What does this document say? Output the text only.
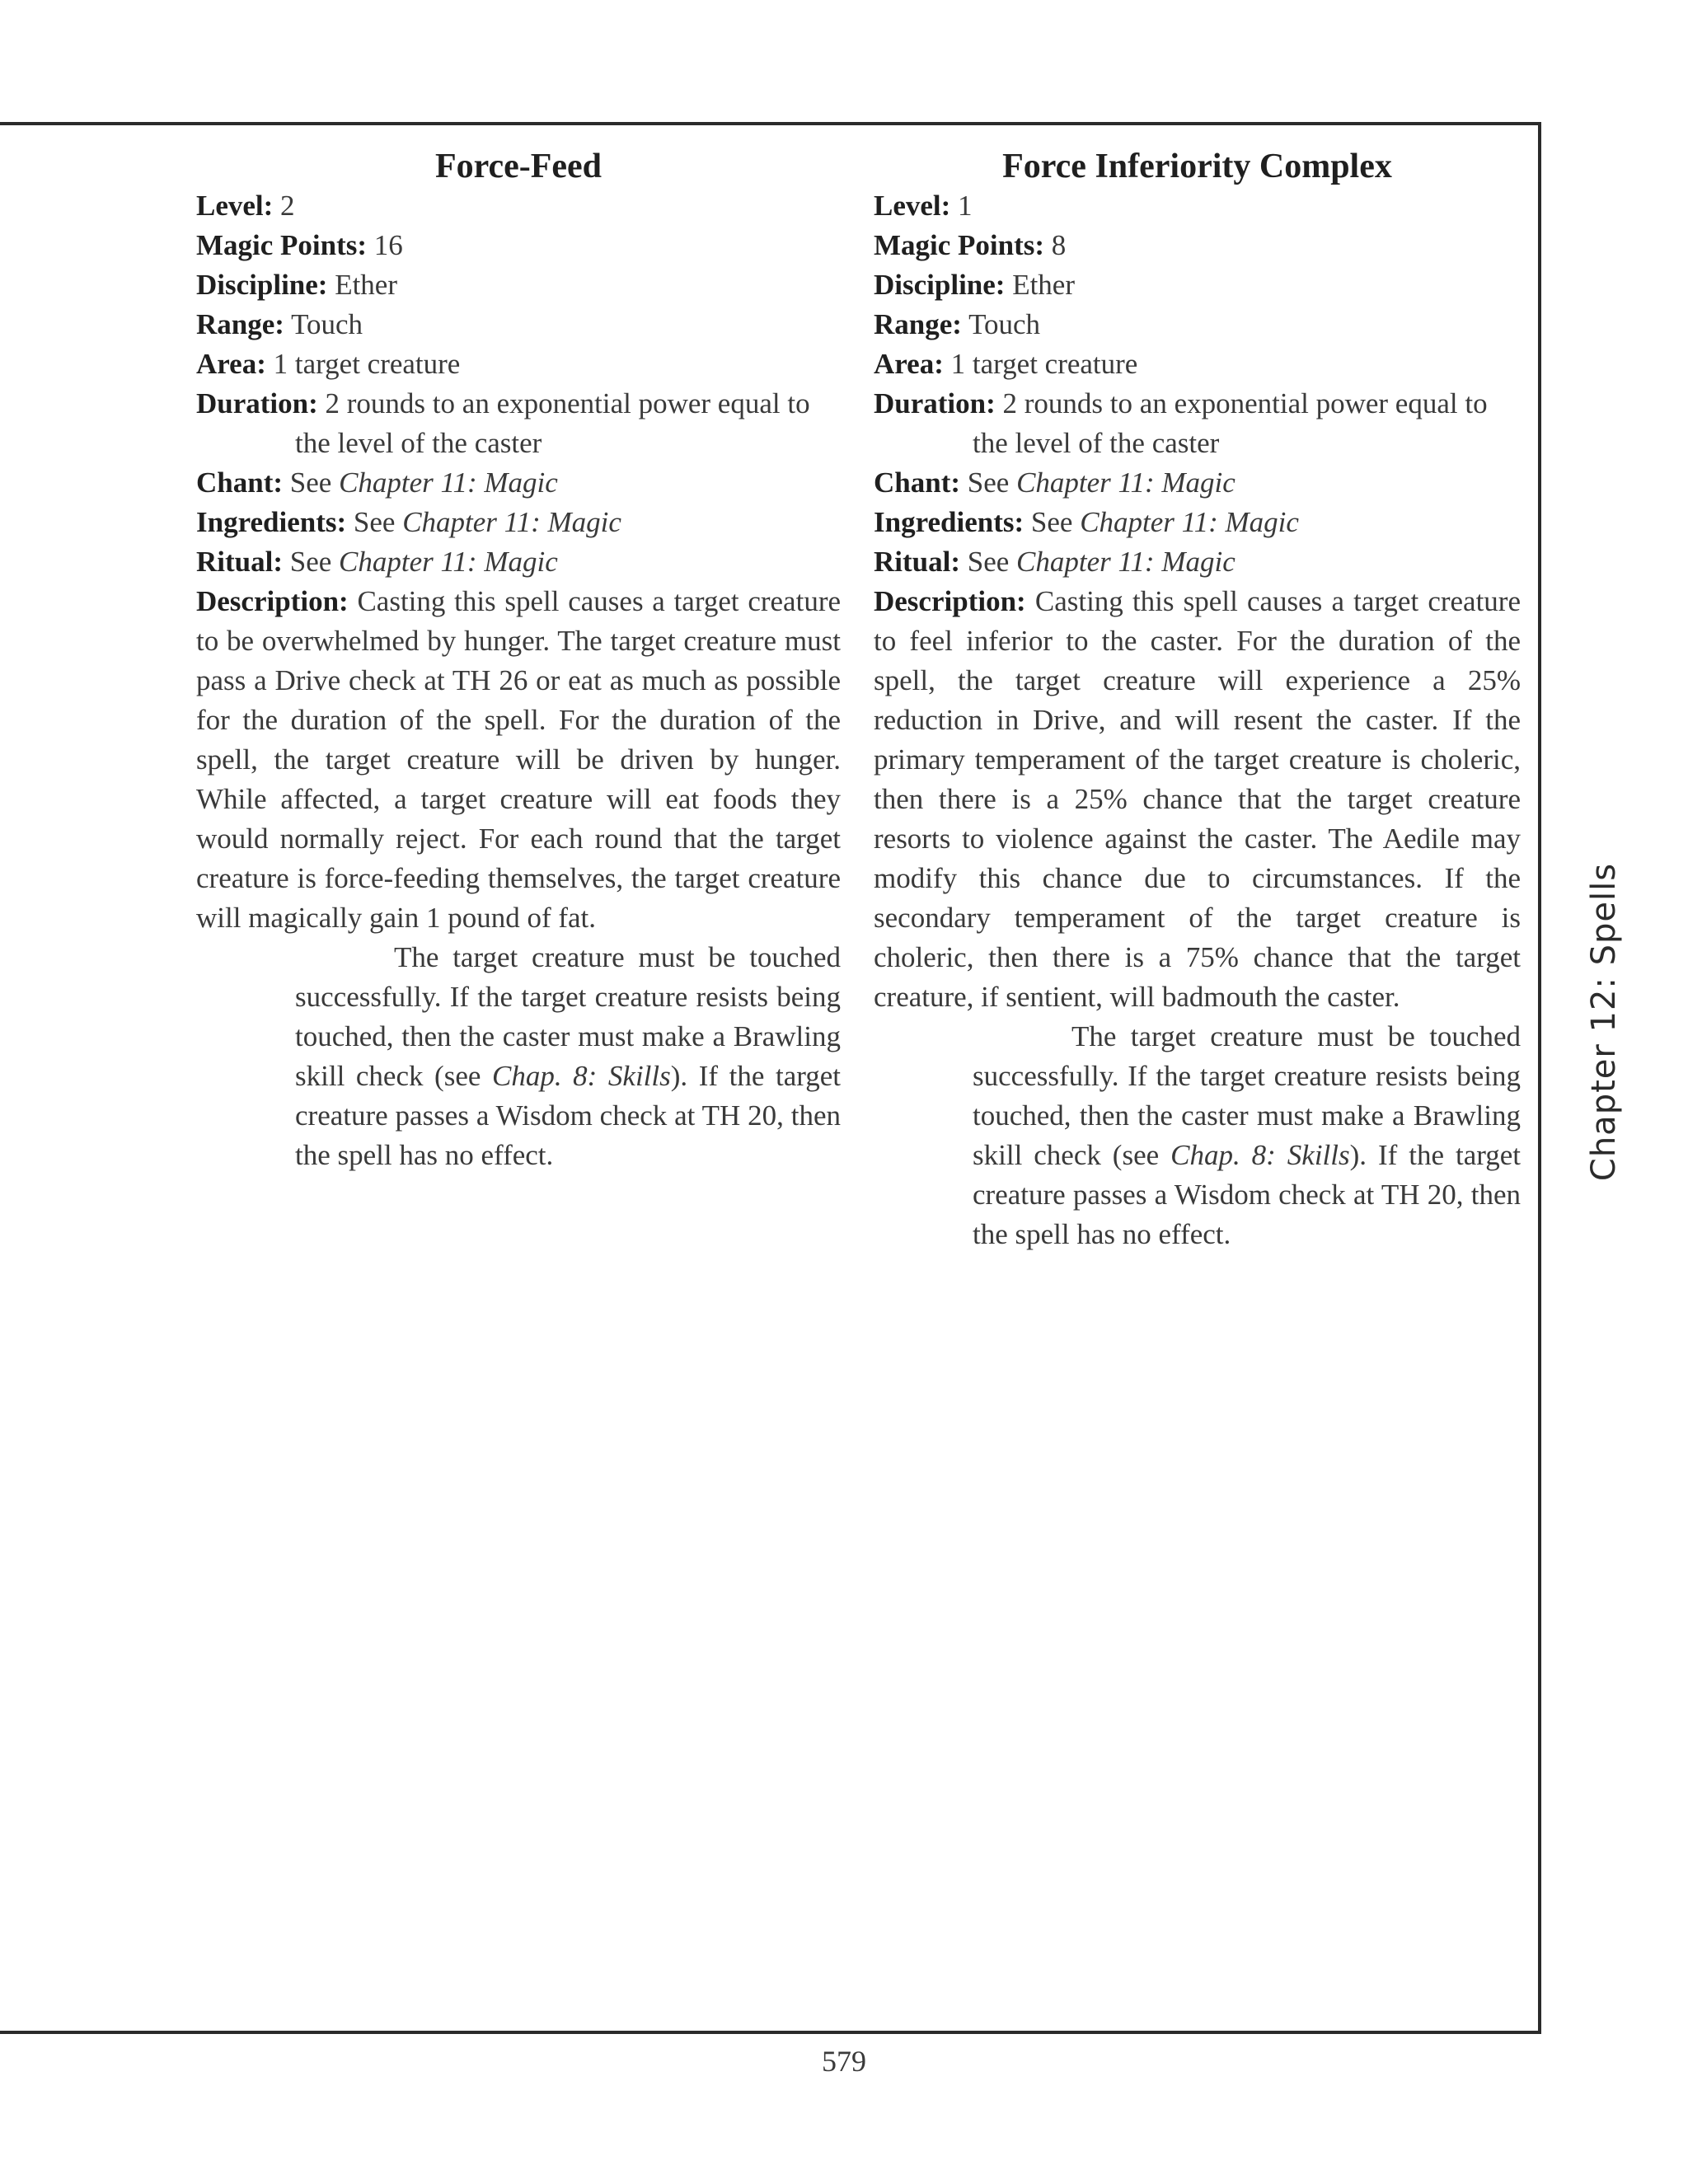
Force-Feed

Level: 2

Magic Points: 16

Discipline: Ether

Range: Touch

Area: 1 target creature

Duration: 2 rounds to an exponential power equal to the level of the caster

Chant: See Chapter 11: Magic

Ingredients: See Chapter 11: Magic

Ritual: See Chapter 11: Magic

Description: Casting this spell causes a target creature to be overwhelmed by hunger. The target creature must pass a Drive check at TH 26 or eat as much as possible for the duration of the spell. For the duration of the spell, the target creature will be driven by hunger. While affected, a target creature will eat foods they would normally reject. For each round that the target creature is force-feeding themselves, the target creature will magically gain 1 pound of fat.

The target creature must be touched successfully. If the target creature resists being touched, then the caster must make a Brawling skill check (see Chap. 8: Skills). If the target creature passes a Wisdom check at TH 20, then the spell has no effect.

Force Inferiority Complex

Level: 1

Magic Points: 8

Discipline: Ether

Range: Touch

Area: 1 target creature

Duration: 2 rounds to an exponential power equal to the level of the caster

Chant: See Chapter 11: Magic

Ingredients: See Chapter 11: Magic

Ritual: See Chapter 11: Magic

Description: Casting this spell causes a target creature to feel inferior to the caster. For the duration of the spell, the target creature will experience a 25% reduction in Drive, and will resent the caster. If the primary temperament of the target creature is choleric, then there is a 25% chance that the target creature resorts to violence against the caster. The Aedile may modify this chance due to circumstances. If the secondary temperament of the target creature is choleric, then there is a 75% chance that the target creature, if sentient, will badmouth the caster.

The target creature must be touched successfully. If the target creature resists being touched, then the caster must make a Brawling skill check (see Chap. 8: Skills). If the target creature passes a Wisdom check at TH 20, then the spell has no effect.

Chapter 12: Spells
579
